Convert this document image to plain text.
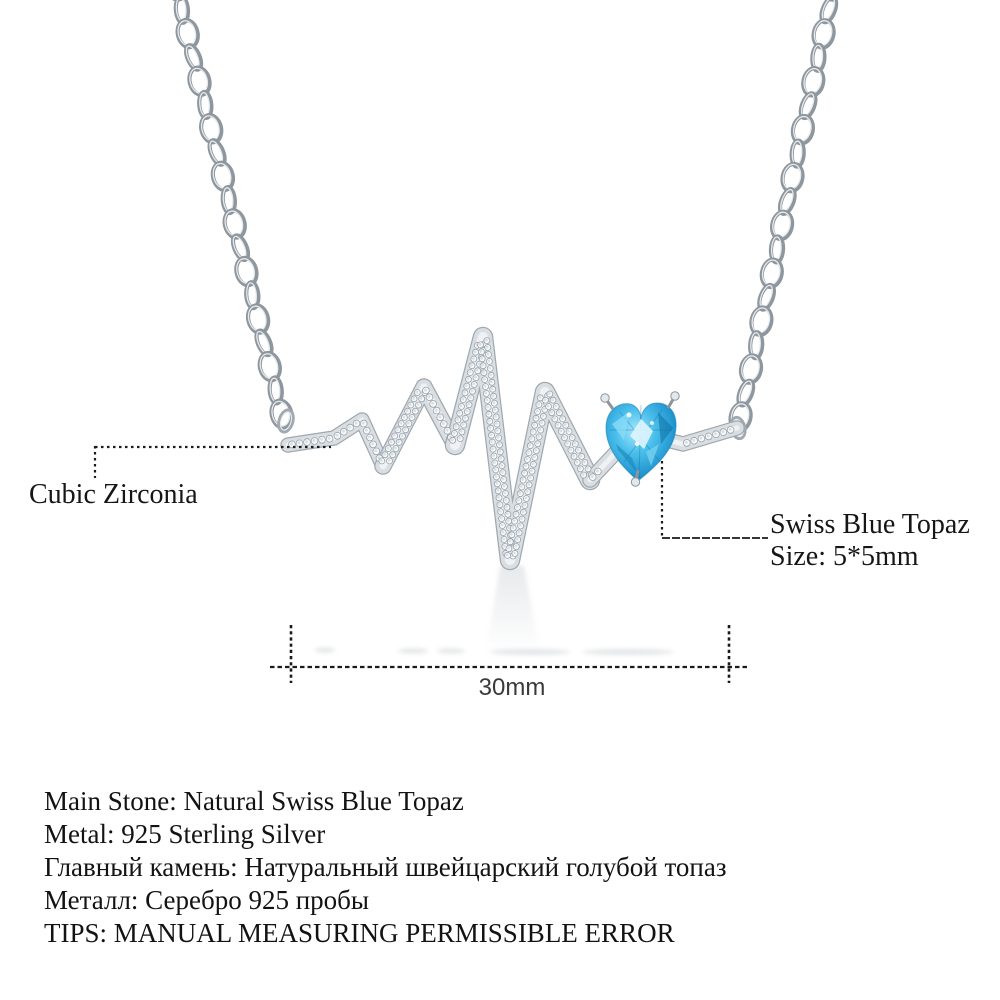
Cubic Zirconia
Swiss Blue Topaz
Size: 5*5mm
30mm
Main Stone: Natural Swiss Blue Topaz
Metal: 925 Sterling Silver
Главный камень: Натуральный швейцарский голубой топаз
Металл: Серебро 925 пробы
TIPS: MANUAL MEASURING PERMISSIBLE ERROR
